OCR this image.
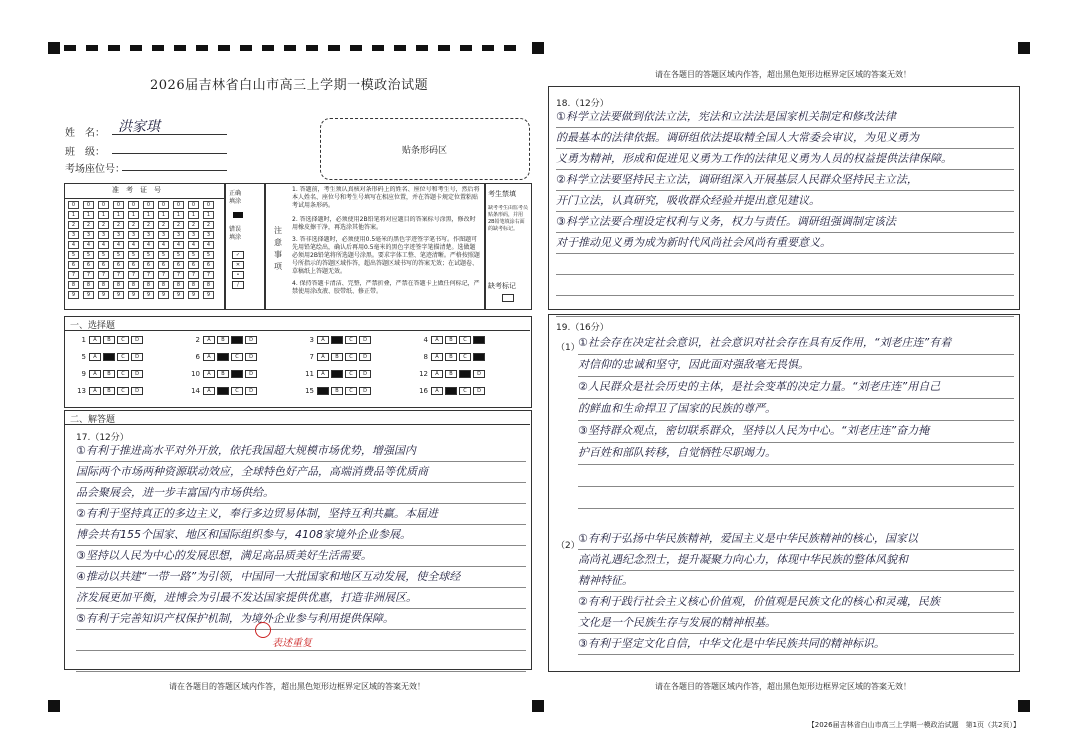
2026届吉林省白山市高三上学期一模政治试题
姓　名： 洪家琪
班　级：
考场座位号：
贴条形码区
准　考　证　号
0	0	0	0	0	0	0	0	0	0
1	1	1	1	1	1	1	1	1	1
2	2	2	2	2	2	2	2	2	2
3	3	3	3	3	3	3	3	3	3
4	4	4	4	4	4	4	4	4	4
5	5	5	5	5	5	5	5	5	5
6	6	6	6	6	6	6	6	6	6
7	7	7	7	7	7	7	7	7	7
8	8	8	8	8	8	8	8	8	8
9	9	9	9	9	9	9	9	9	9
正确填涂
错误填涂
✓
✕
•
/
注意事项
1. 答题前，考生须认真核对条形码上的姓名、座位号和考生号，然后将本人姓名、座位号和考生号填写在相应位置，并在答题卡规定位置粘贴考试用条形码。
2. 答选择题时，必须使用2B铅笔将对应题目的答案标号涂黑，修改时用橡皮擦干净，再选涂其他答案。
3. 答非选择题时，必须使用0.5毫米的黑色字迹签字笔书写。作图题可先用铅笔绘出，确认后再用0.5毫米的黑色字迹签字笔描清楚。选做题必须用2B铅笔将所选题号涂黑。要求字体工整、笔迹清晰。严格按照题号所指示的答题区域作答，超出答题区域书写的答案无效；在试题卷、草稿纸上答题无效。
4. 保持答题卡清洁、完整，严禁折叠，严禁在答题卡上做任何标记，严禁使用涂改液、胶带纸、修正带。
考生禁填
缺考考生由监考员贴条形码，并用2B铅笔填涂右面的缺考标记。
缺考标记
一、选择题
1 A B C D	2 A B C D	3 A B C D	4 A B C D
5 A B C D	6 A B C D	7 A B C D	8 A B C D
9 A B C D	10 A B C D	11 A B C D	12 A B C D
13 A B C D	14 A B C D	15 A B C D	16 A B C D
二、解答题
17.（12分）
①有利于推进高水平对外开放，依托我国超大规模市场优势，增强国内
国际两个市场两种资源联动效应，全球特色好产品，高端消费品等优质商
品会聚展会，进一步丰富国内市场供给。
②有利于坚持真正的多边主义，奉行多边贸易体制，坚持互利共赢。本届进
博会共有155个国家、地区和国际组织参与，4108家境外企业参展。
③坚持以人民为中心的发展思想，满足高品质美好生活需要。
④推动以共建“一带一路”为引领，中国同一大批国家和地区互动发展，使全球经
济发展更加平衡，进博会为引最不发达国家提供优惠，打造非洲展区。
⑤有利于完善知识产权保护机制，为境外企业参与利用提供保障。
表述重复
请在各题目的答题区域内作答，超出黑色矩形边框界定区域的答案无效！
请在各题目的答题区域内作答，超出黑色矩形边框界定区域的答案无效！
18.（12分）
①科学立法要做到依法立法，宪法和立法法是国家机关制定和修改法律
的最基本的法律依据。调研组依法提取精全国人大常委会审议，为见义勇为
义勇为精神，形成和促进见义勇为工作的法律见义勇为人员的权益提供法律保障。
②科学立法要坚持民主立法，调研组深入开展基层人民群众坚持民主立法，
开门立法，认真研究，吸收群众经验并提出意见建议。
③科学立法要合理设定权利与义务，权力与责任。调研组强调制定该法
对于推动见义勇为成为新时代风尚社会风尚有重要意义。
19.（16分）
（1）
①社会存在决定社会意识，社会意识对社会存在具有反作用，“刘老庄连”有着
对信仰的忠诚和坚守，因此面对强敌毫无畏惧。
②人民群众是社会历史的主体，是社会变革的决定力量。“刘老庄连”用自己
的鲜血和生命捍卫了国家的民族的尊严。
③坚持群众观点，密切联系群众，坚持以人民为中心。“刘老庄连”奋力掩
护百姓和部队转移，自觉牺牲尽职竭力。
（2）
①有利于弘扬中华民族精神，爱国主义是中华民族精神的核心，国家以
高尚礼遇纪念烈士，提升凝聚力向心力，体现中华民族的整体风貌和
精神特征。
②有利于践行社会主义核心价值观，价值观是民族文化的核心和灵魂，民族
文化是一个民族生存与发展的精神根基。
③有利于坚定文化自信，中华文化是中华民族共同的精神标识。
请在各题目的答题区域内作答，超出黑色矩形边框界定区域的答案无效！
【2026届吉林省白山市高三上学期一模政治试题　第1页（共2页）】
